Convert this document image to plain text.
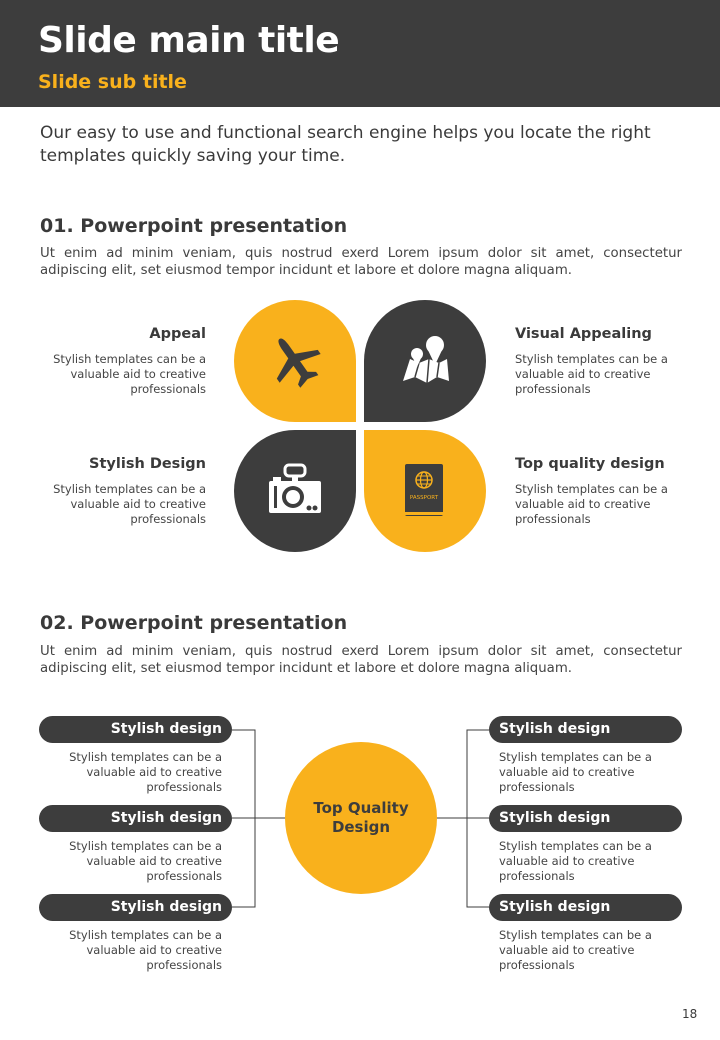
Slide main title
Slide sub title
Our easy to use and functional search engine helps you locate the right templates quickly saving your time.
01. Powerpoint presentation
Ut enim ad minim veniam, quis nostrud exerd Lorem ipsum dolor sit amet, consectetur adipiscing elit, set eiusmod tempor incidunt et labore et dolore magna aliquam.
PASSPORT
Appeal
Stylish templates can be a valuable aid to creative professionals
Visual Appealing
Stylish templates can be a valuable aid to creative professionals
Stylish Design
Stylish templates can be a valuable aid to creative professionals
Top quality design
Stylish templates can be a valuable aid to creative professionals
02. Powerpoint presentation
Ut enim ad minim veniam, quis nostrud exerd Lorem ipsum dolor sit amet, consectetur adipiscing elit, set eiusmod tempor incidunt et labore et dolore magna aliquam.
Top Quality Design
Stylish design
Stylish templates can be a valuable aid to creative professionals
Stylish design
Stylish templates can be a valuable aid to creative professionals
Stylish design
Stylish templates can be a valuable aid to creative professionals
Stylish design
Stylish templates can be a valuable aid to creative professionals
Stylish design
Stylish templates can be a valuable aid to creative professionals
Stylish design
Stylish templates can be a valuable aid to creative professionals
18
